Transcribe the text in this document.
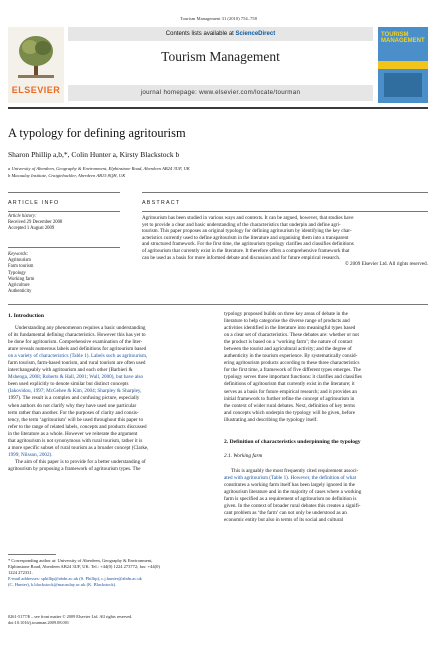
Tourism Management 31 (2010) 754–758
ELSEVIER
Contents lists available at ScienceDirect
Tourism Management
journal homepage: www.elsevier.com/locate/tourman
TOURISM MANAGEMENT
A typology for defining agritourism
Sharon Phillip a,b,*, Colin Hunter a, Kirsty Blackstock b
a University of Aberdeen, Geography & Environment, Elphinstone Road, Aberdeen AB24 3UF, UK
b Macaulay Institute, Craigiebuckler, Aberdeen AB15 8QH, UK
ARTICLE INFO
Article history:
Received 29 December 2008
Accepted 1 August 2009
Keywords:
Agritourism
Farm tourism
Typology
Working farm
Agriculture
Authenticity
ABSTRACT
Agritourism has been studied in various ways and contexts. It can be argued, however, that studies have
yet to provide a clear and basic understanding of the characteristics that underpin and define agri-
tourism. This paper proposes an original typology for defining agritourism by identifying the key char-
acteristics currently used to define agritourism in the literature and organising them into a transparent
and structured framework. For the first time, the agritourism typology clarifies and classifies definitions
of agritourism that currently exist in the literature. It therefore offers a comprehensive framework that
can be used as a basis for more informed debate and discussion and for future empirical research.
© 2009 Elsevier Ltd. All rights reserved.
1. Introduction
Understanding any phenomenon requires a basic understanding
of its fundamental defining characteristics. However this has yet to
be done for agritourism. Comprehensive examination of the liter-
ature reveals numerous labels and definitions for agritourism based
on a variety of characteristics (Table 1). Labels such as agritourism,
farm tourism, farm-based tourism, and rural tourism are often used
interchangeably with agritourism and each other (Barbieri &
Mshenga, 2008; Roberts & Hall, 2001; Wall, 2000), but have also
been used explicitly to denote similar but distinct concepts
(Iakovidou, 1997; McGehee & Kim, 2004; Sharpley & Sharpley,
1997). The result is a complex and confusing picture, especially
when authors do not clarify why they have used one particular
term rather than another. For the purposes of clarity and consis-
tency, the term ‘agritourism’ will be used throughout this paper to
refer to the range of related labels, concepts and products discussed
in the literature as a whole. However we reiterate the argument
that agritourism is not synonymous with rural tourism, rather it is
a more specific subset of rural tourism as a broader concept (Clarke,
1999; Nilsson, 2002).
The aim of this paper is to provide for a better understanding of
agritourism by proposing a framework of agritourism types. The
* Corresponding author at: University of Aberdeen, Geography & Environment,
Elphinstone Road, Aberdeen AB24 3UF, UK. Tel.: +44(0) 1224 273772; fax: +44(0)
1224 272331.
E-mail addresses: sphillip@abdn.ac.uk (S. Phillip), c.j.hunter@abdn.ac.uk
(C. Hunter), k.blackstock@macaulay.ac.uk (K. Blackstock).
0261-5177/$ – see front matter © 2009 Elsevier Ltd. All rights reserved.
doi:10.1016/j.tourman.2009.08.001
typology proposed builds on three key areas of debate in the
literature to help categorise the diverse range of products and
activities identified in the literature into meaningful types based
on a clear set of characteristics. These debates are: whether or not
the product is based on a ‘working farm’; the nature of contact
between the tourist and agricultural activity; and the degree of
authenticity in the tourism experience. By systematically consid-
ering agritourism products according to these three characteristics
for the first time, a framework of five different types emerges. The
typology serves three important functions: it clarifies and classifies
definitions of agritourism that currently exist in the literature; it
serves as a basis for future empirical research; and it provides an
initial framework to further refine the concept of agritourism in
the context of wider rural debates. Next, definition of key terms
and concepts which underpin the typology will be given, before
illustrating and describing the typology itself.
2. Definition of characteristics underpinning the typology
2.1. Working farm
This is arguably the most frequently cited requirement associ-
ated with agritourism (Table 1). However, the definition of what
constitutes a working farm itself has been largely ignored in the
agritourism literature and in the majority of cases where a working
farm is specified as a requirement of agritourism no definition is
given. In the context of broader rural debates this creates a signifi-
cant problem as ‘the farm’ can not only be understood as an
economic entity but also in terms of its social and cultural
